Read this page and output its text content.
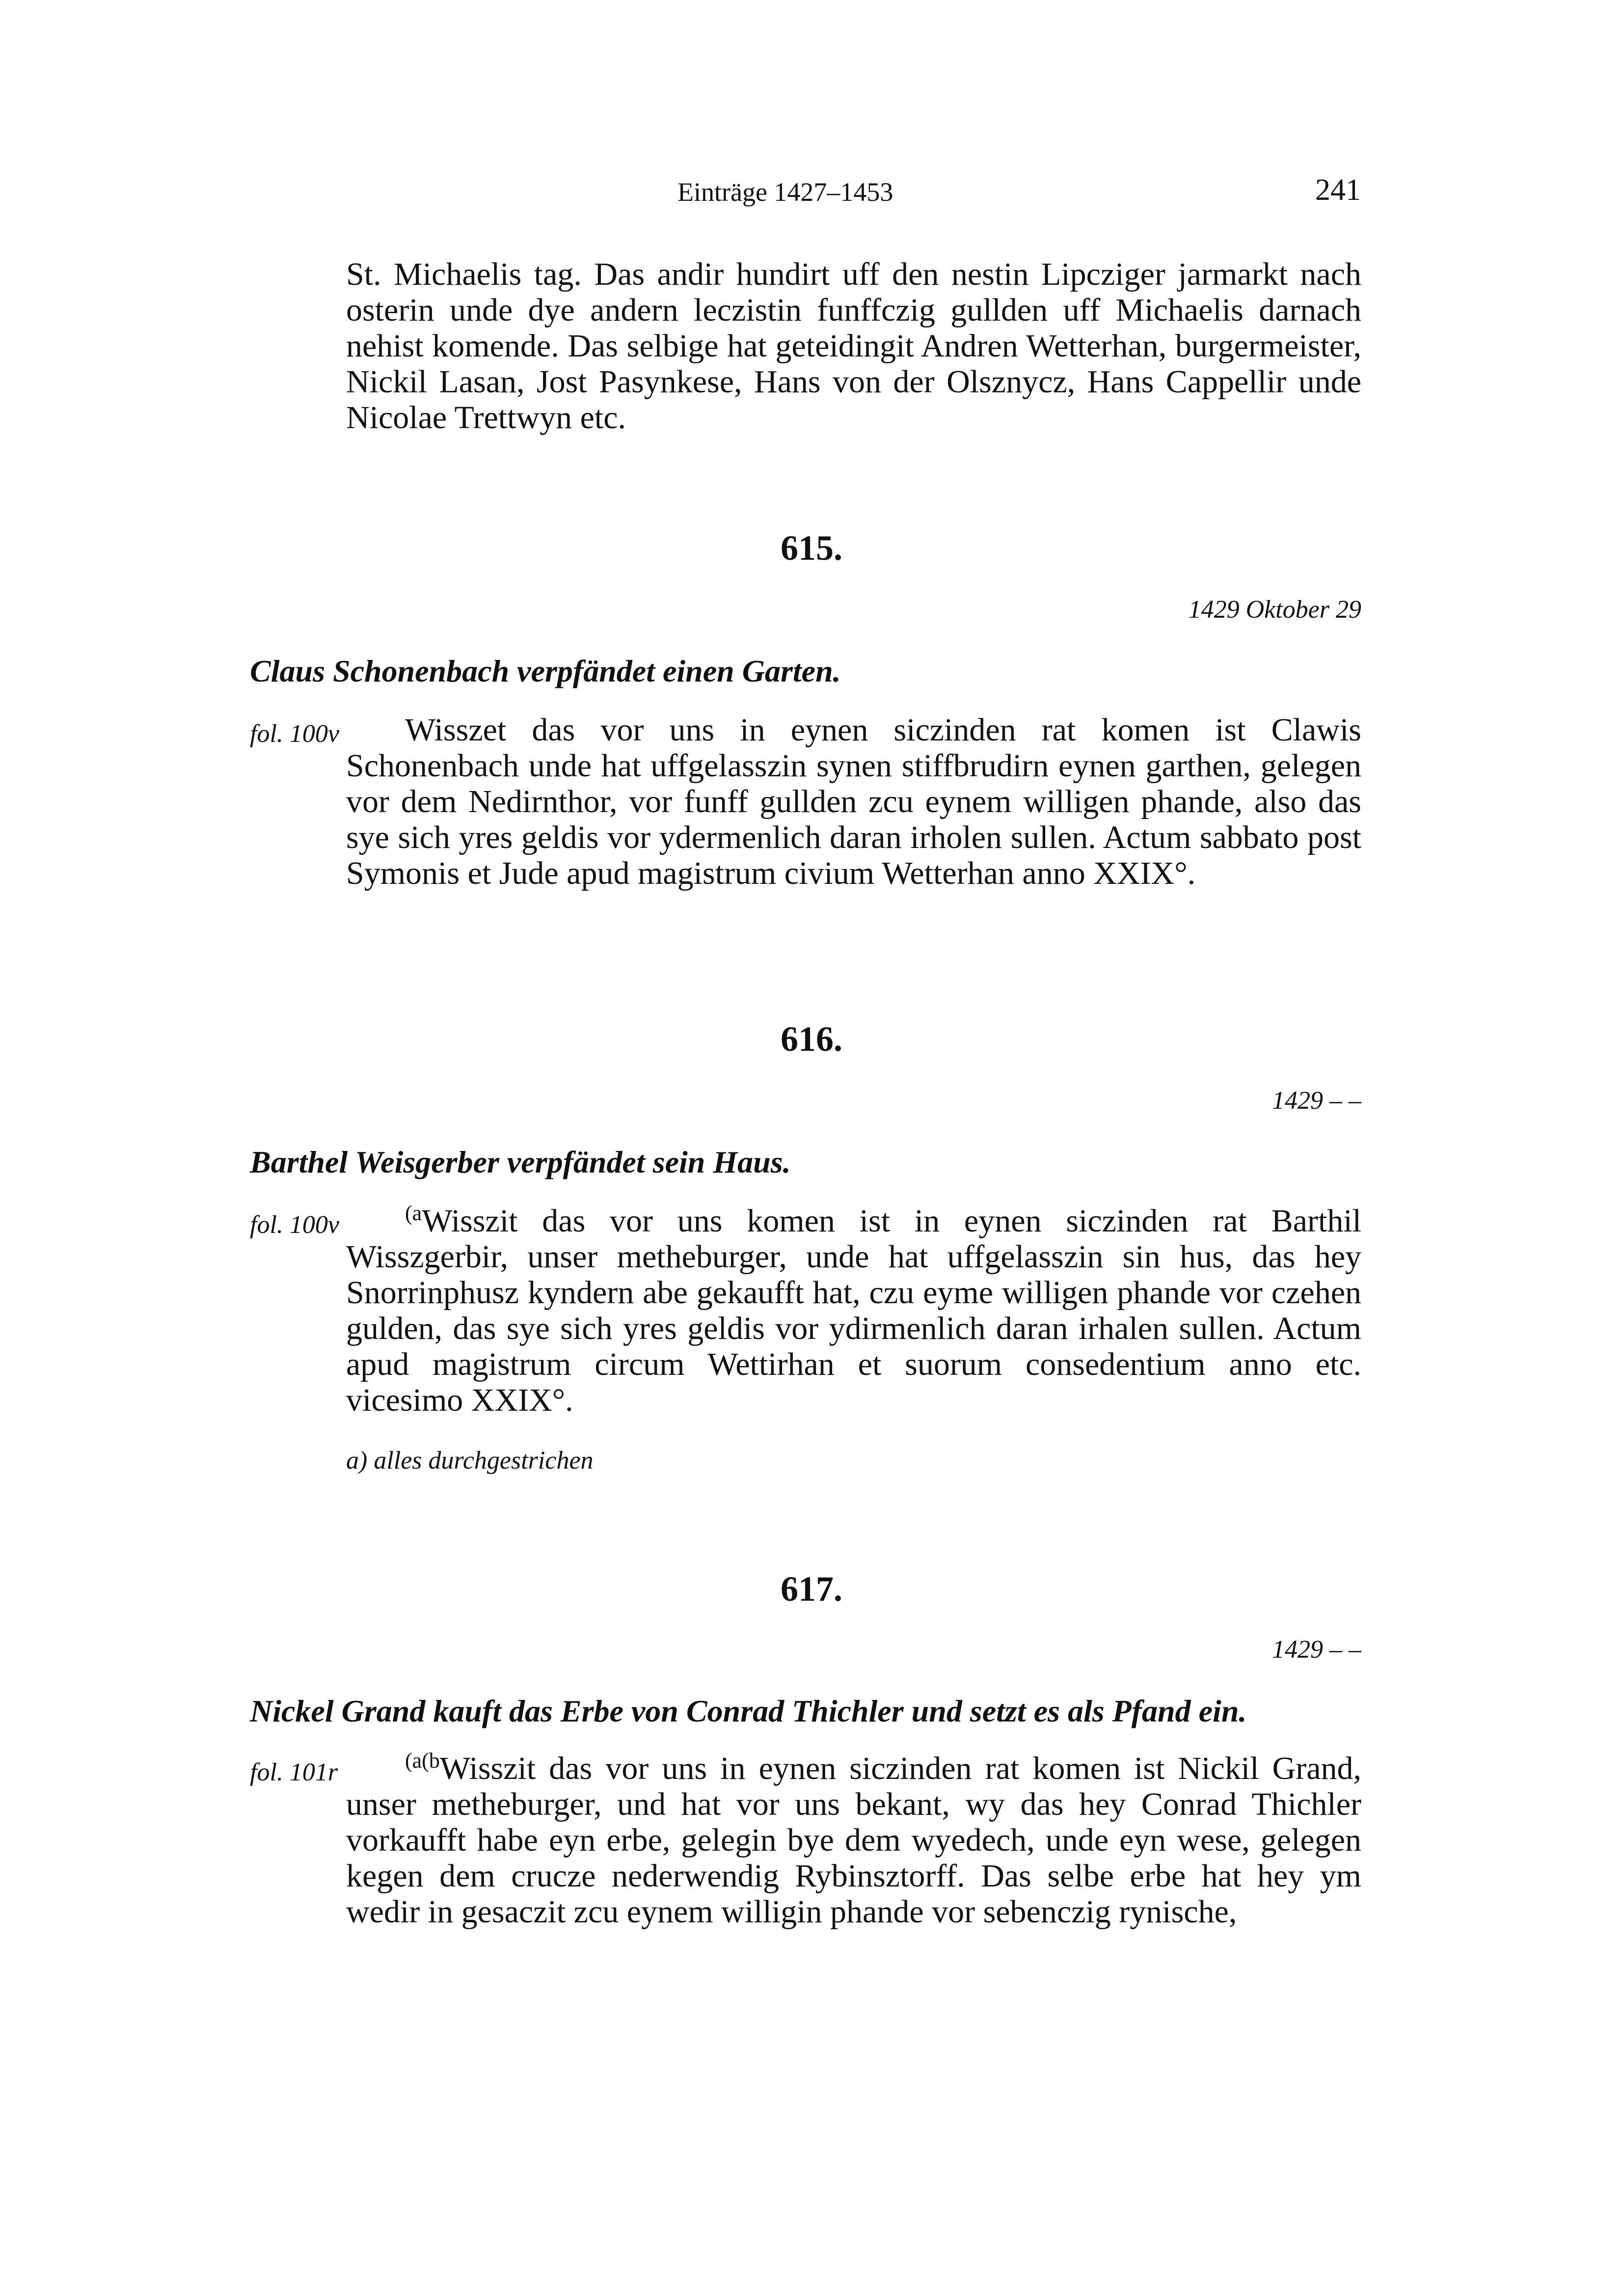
Einträge 1427–1453	241
St. Michaelis tag. Das andir hundirt uff den nestin Lipcziger jarmarkt nach osterin unde dye andern leczistin funffczig gullden uff Michaelis darnach nehist komende. Das selbige hat geteidingit Andren Wetterhan, burgermeister, Nickil Lasan, Jost Pasynkese, Hans von der Olsznycz, Hans Cappellir unde Nicolae Trettwyn etc.
615.
1429 Oktober 29
Claus Schonenbach verpfändet einen Garten.
fol. 100v	Wisszet das vor uns in eynen siczinden rat komen ist Clawis Schonenbach unde hat uffgelasszin synen stiffbrudirn eynen garthen, gelegen vor dem Nedirnthor, vor funff gullden zcu eynem willigen phande, also das sye sich yres geldis vor ydermenlich daran irholen sullen. Actum sabbato post Symonis et Jude apud magistrum civium Wetterhan anno XXIX°.
616.
1429 – –
Barthel Weisgerber verpfändet sein Haus.
fol. 100v	$^{(a}$Wisszit das vor uns komen ist in eynen siczinden rat Barthil Wisszgerbir, unser metheburger, unde hat uffgelasszin sin hus, das hey Snorrinphusz kyndern abe gekaufft hat, czu eyme willigen phande vor czehen gulden, das sye sich yres geldis vor ydirmenlich daran irhalen sullen. Actum apud magistrum circum Wettirhan et suorum consedentium anno etc. vicesimo XXIX°.
a) alles durchgestrichen
617.
1429 – –
Nickel Grand kauft das Erbe von Conrad Thichler und setzt es als Pfand ein.
fol. 101r	$^{(a(b}$Wisszit das vor uns in eynen siczinden rat komen ist Nickil Grand, unser metheburger, und hat vor uns bekant, wy das hey Conrad Thichler vorkaufft habe eyn erbe, gelegin bye dem wyedech, unde eyn wese, gelegen kegen dem crucze nederwendig Rybinsztorff. Das selbe erbe hat hey ym wedir in gesaczit zcu eynem willigin phande vor sebenczig rynische,
